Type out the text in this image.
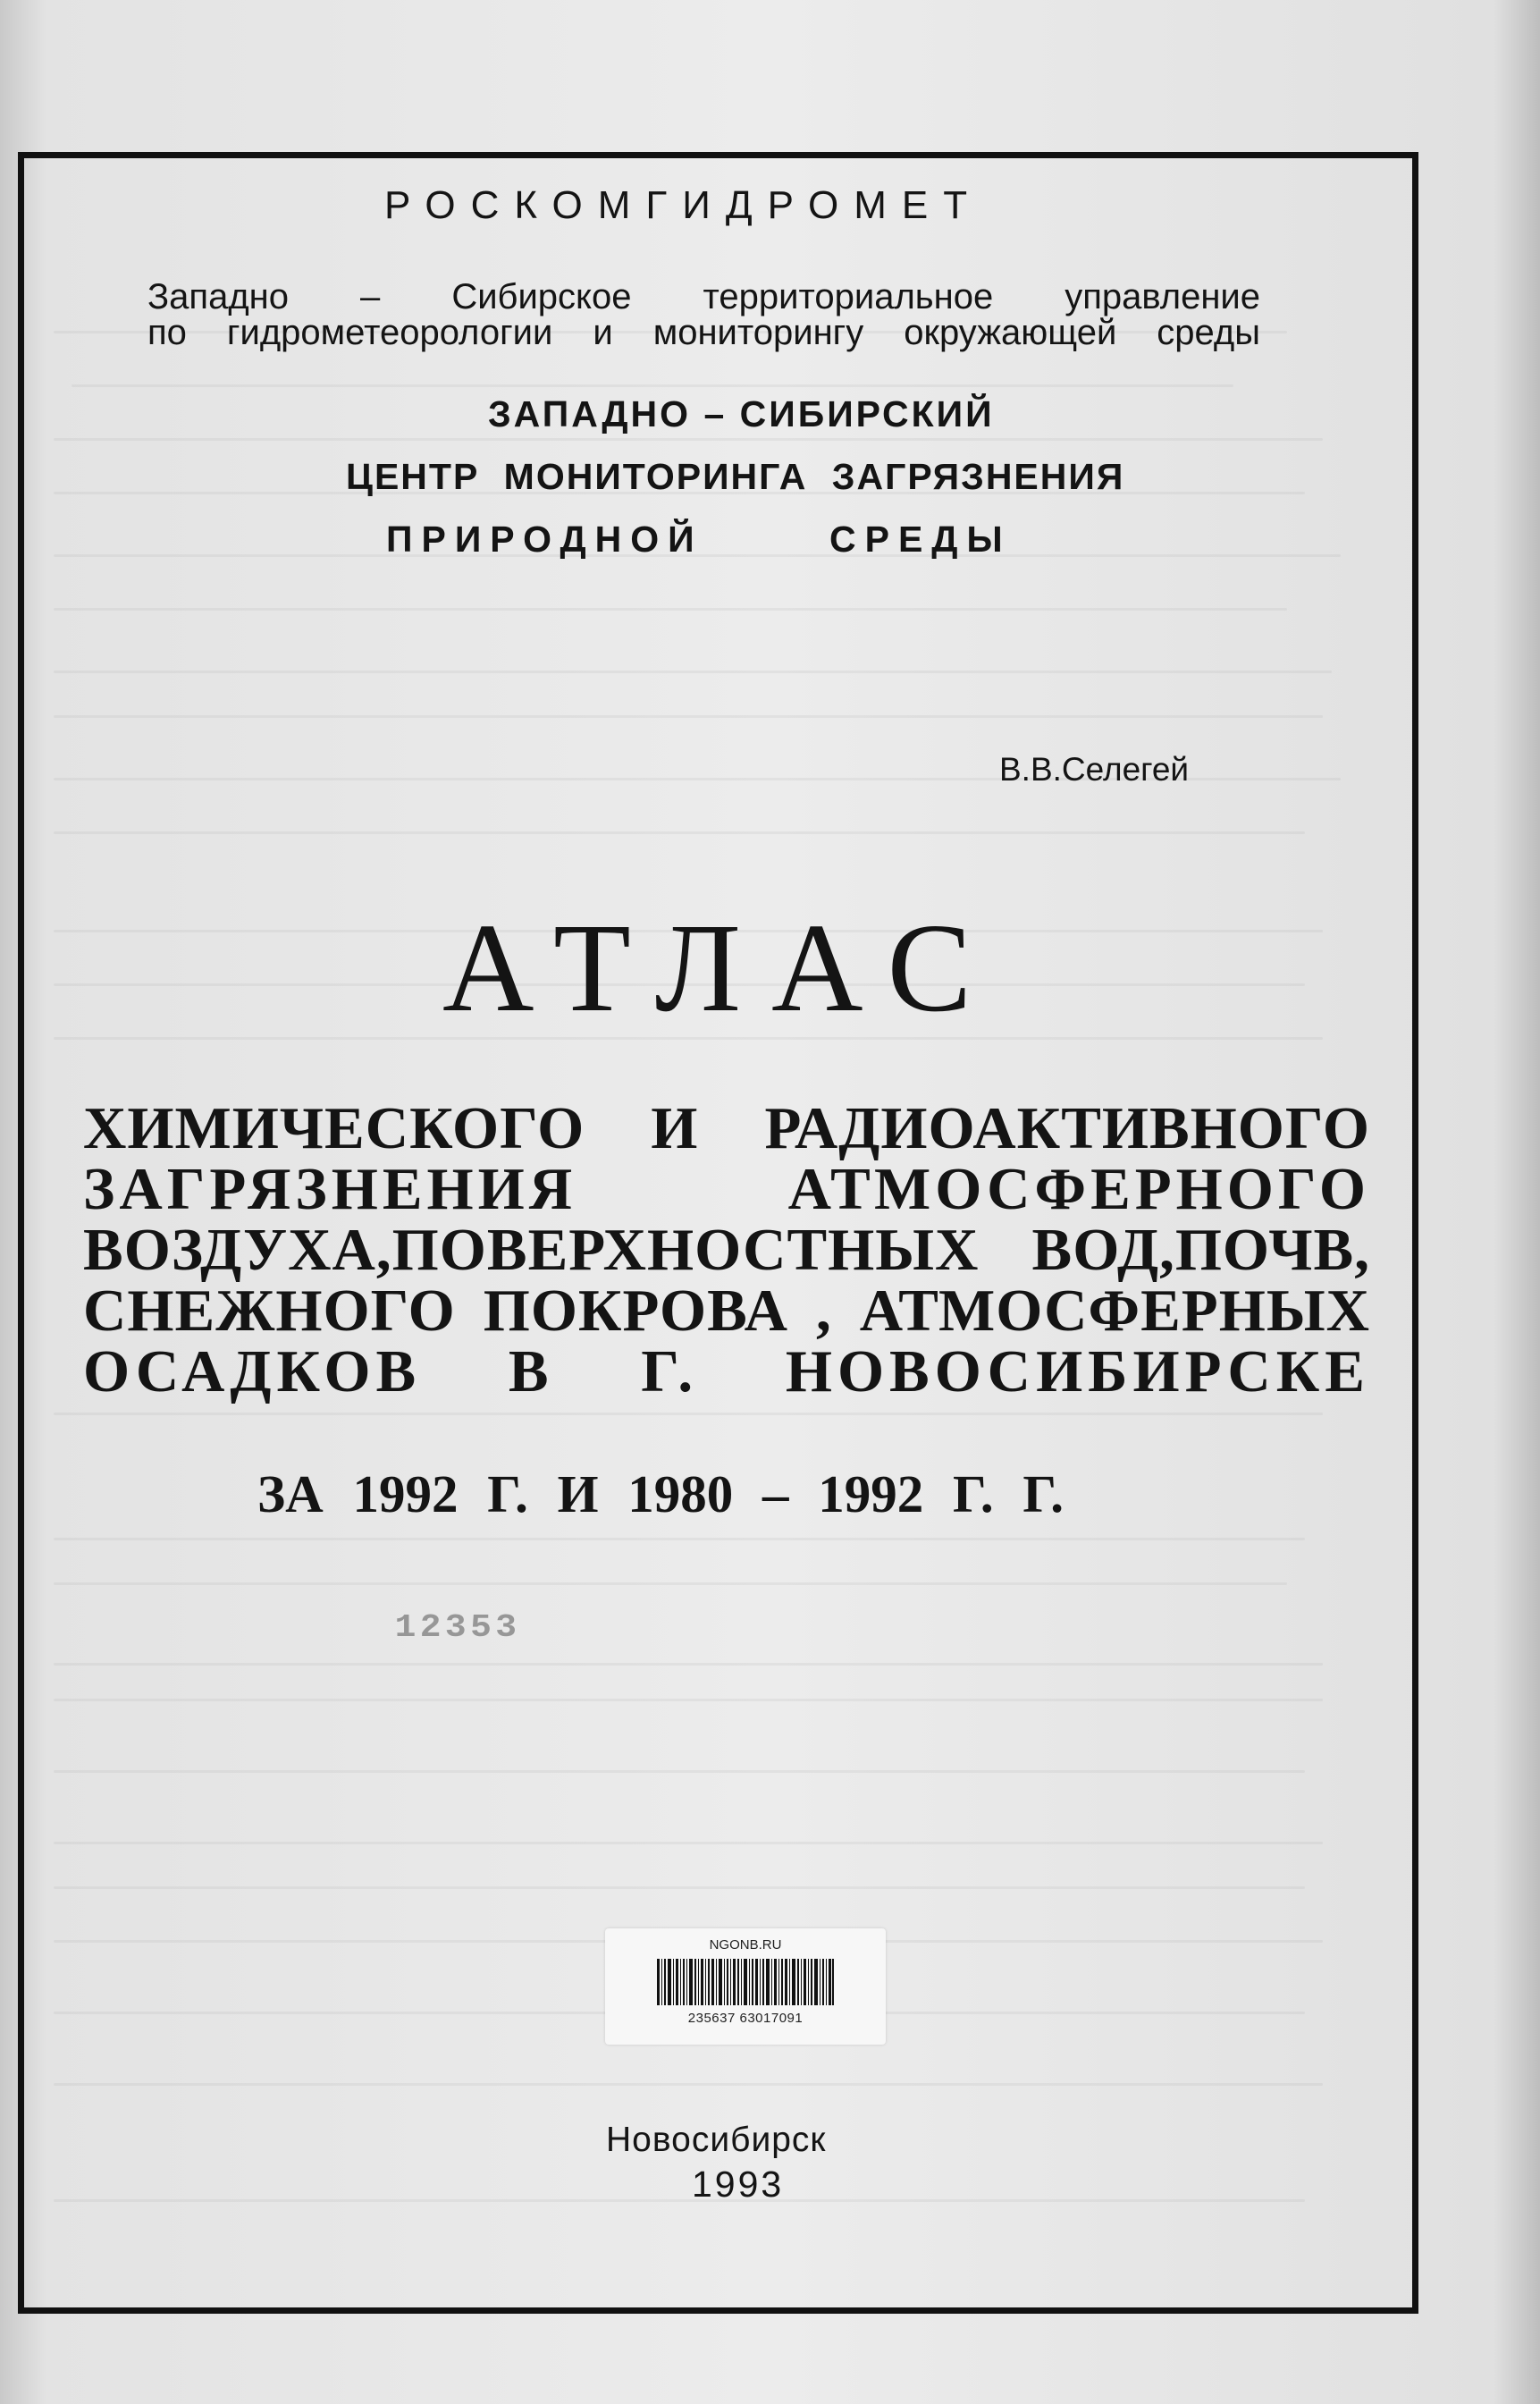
РОСКОМГИДРОМЕТ
Западно – Сибирское территориальное управление
по гидрометеорологии и мониторингу окружающей среды
ЗАПАДНО – СИБИРСКИЙ
ЦЕНТР МОНИТОРИНГА ЗАГРЯЗНЕНИЯ
ПРИРОДНОЙ СРЕДЫ
В.В.Селегей
АТЛАС
ХИМИЧЕСКОГО И РАДИОАКТИВНОГО
ЗАГРЯЗНЕНИЯ АТМОСФЕРНОГО
ВОЗДУХА,ПОВЕРХНОСТНЫХ ВОД,ПОЧВ,
СНЕЖНОГО ПОКРОВА , АТМОСФЕРНЫХ
ОСАДКОВ В Г. НОВОСИБИРСКЕ
ЗА 1992 Г. И 1980 – 1992 Г. Г.
12353
NGONB.RU
235637 63017091
Новосибирск
1993
